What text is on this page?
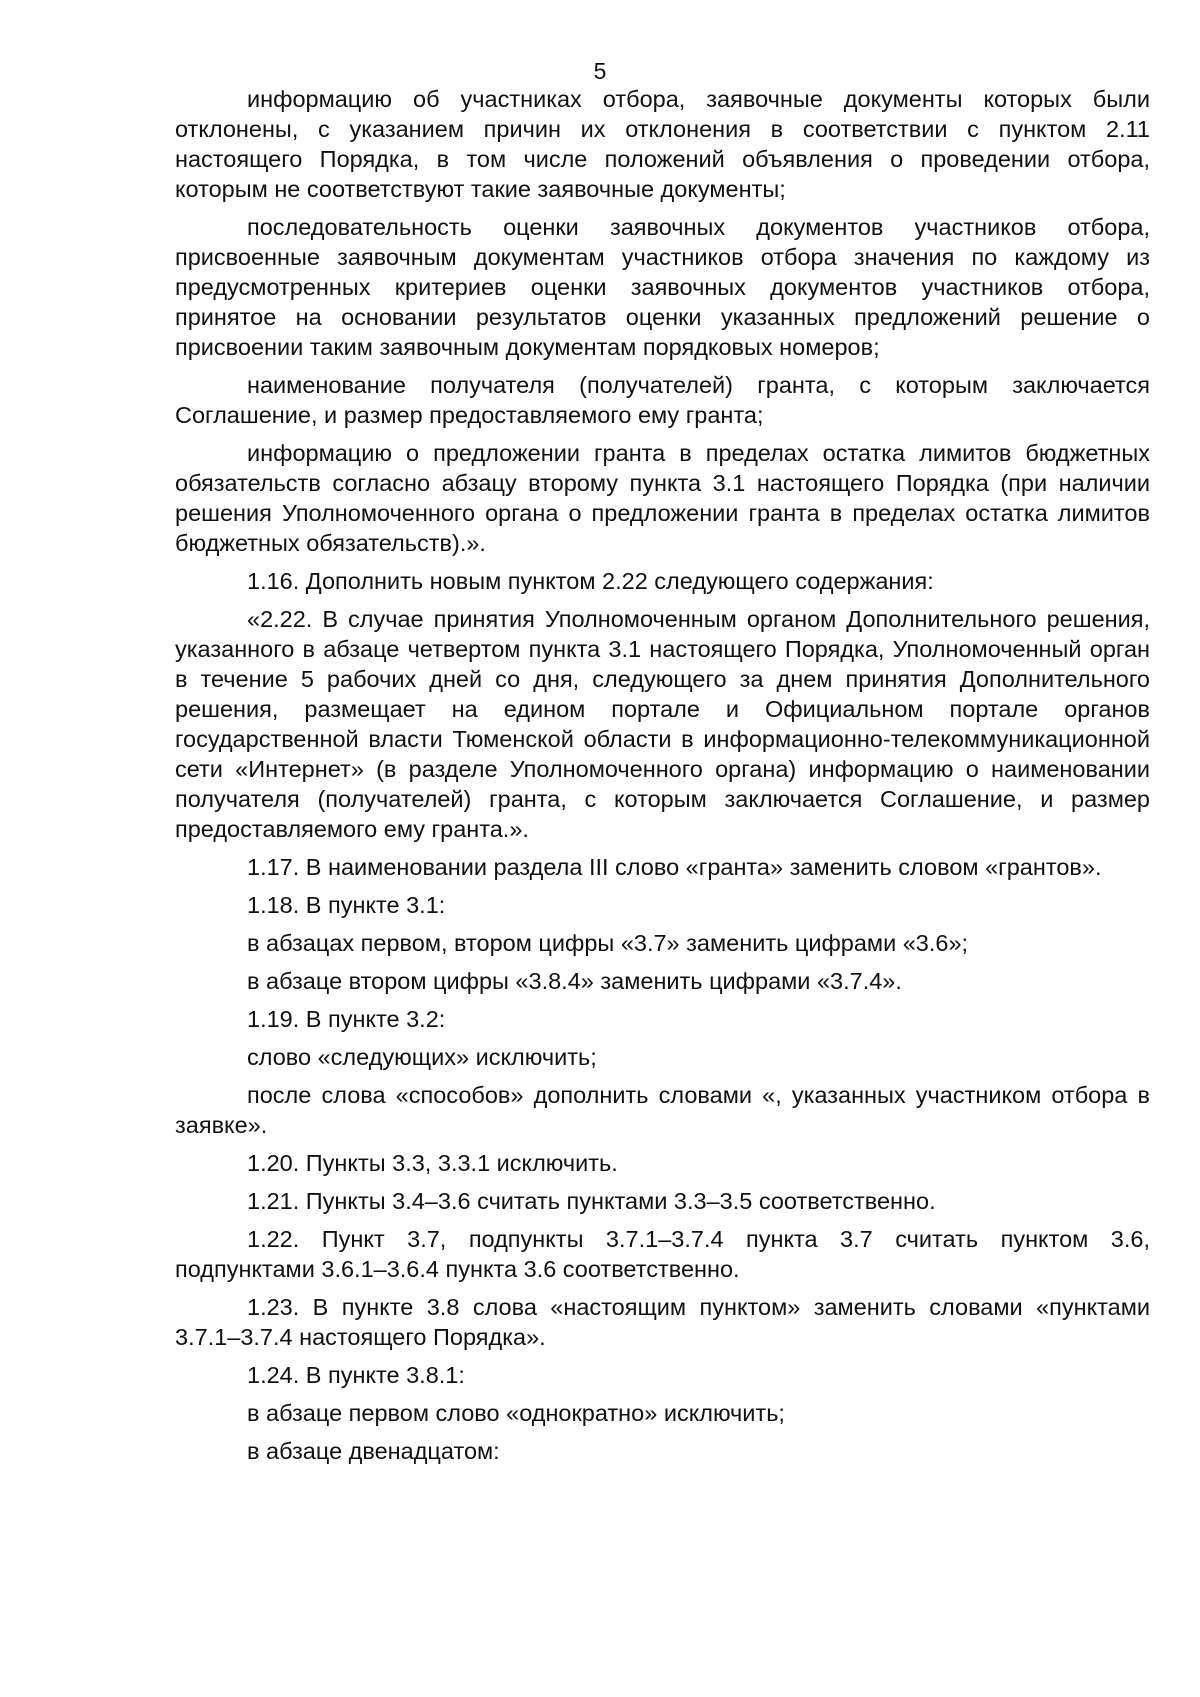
5

информацию об участниках отбора, заявочные документы которых были отклонены, с указанием причин их отклонения в соответствии с пунктом 2.11 настоящего Порядка, в том числе положений объявления о проведении отбора, которым не соответствуют такие заявочные документы;

последовательность оценки заявочных документов участников отбора, присвоенные заявочным документам участников отбора значения по каждому из предусмотренных критериев оценки заявочных документов участников отбора, принятое на основании результатов оценки указанных предложений решение о присвоении таким заявочным документам порядковых номеров;

наименование получателя (получателей) гранта, с которым заключается Соглашение, и размер предоставляемого ему гранта;

информацию о предложении гранта в пределах остатка лимитов бюджетных обязательств согласно абзацу второму пункта 3.1 настоящего Порядка (при наличии решения Уполномоченного органа о предложении гранта в пределах остатка лимитов бюджетных обязательств).».

1.16. Дополнить новым пунктом 2.22 следующего содержания:

«2.22. В случае принятия Уполномоченным органом Дополнительного решения, указанного в абзаце четвертом пункта 3.1 настоящего Порядка, Уполномоченный орган в течение 5 рабочих дней со дня, следующего за днем принятия Дополнительного решения, размещает на едином портале и Официальном портале органов государственной власти Тюменской области в информационно-телекоммуникационной сети «Интернет» (в разделе Уполномоченного органа) информацию о наименовании получателя (получателей) гранта, с которым заключается Соглашение, и размер предоставляемого ему гранта.».

1.17. В наименовании раздела III слово «гранта» заменить словом «грантов».

1.18. В пункте 3.1:

в абзацах первом, втором цифры «3.7» заменить цифрами «3.6»;

в абзаце втором цифры «3.8.4» заменить цифрами «3.7.4».

1.19. В пункте 3.2:

слово «следующих» исключить;

после слова «способов» дополнить словами «, указанных участником отбора в заявке».

1.20. Пункты 3.3, 3.3.1 исключить.

1.21. Пункты 3.4–3.6 считать пунктами 3.3–3.5 соответственно.

1.22. Пункт 3.7, подпункты 3.7.1–3.7.4 пункта 3.7 считать пунктом 3.6, подпунктами 3.6.1–3.6.4 пункта 3.6 соответственно.

1.23. В пункте 3.8 слова «настоящим пунктом» заменить словами «пунктами 3.7.1–3.7.4 настоящего Порядка».

1.24. В пункте 3.8.1:

в абзаце первом слово «однократно» исключить;

в абзаце двенадцатом:
